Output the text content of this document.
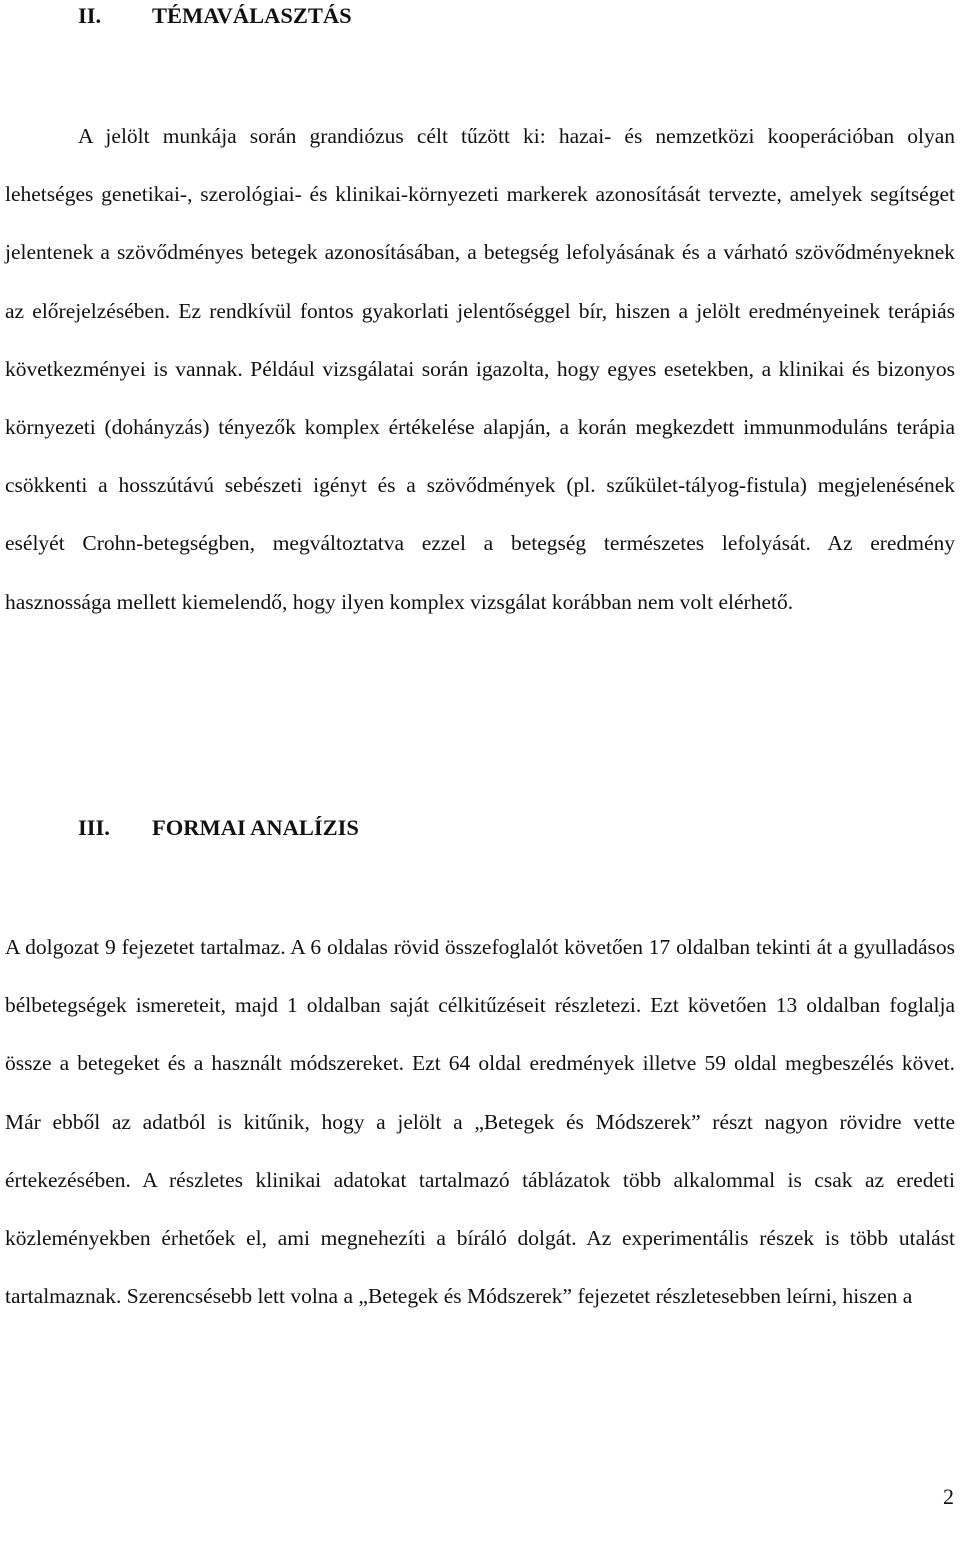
II. TÉMAVÁLASZTÁS

A jelölt munkája során grandiózus célt tűzött ki: hazai- és nemzetközi kooperációban olyan lehetséges genetikai-, szerológiai- és klinikai-környezeti markerek azonosítását tervezte, amelyek segítséget jelentenek a szövődményes betegek azonosításában, a betegség lefolyásának és a várható szövődményeknek az előrejelzésében. Ez rendkívül fontos gyakorlati jelentőséggel bír, hiszen a jelölt eredményeinek terápiás következményei is vannak. Például vizsgálatai során igazolta, hogy egyes esetekben, a klinikai és bizonyos környezeti (dohányzás) tényezők komplex értékelése alapján, a korán megkezdett immunmoduláns terápia csökkenti a hosszútávú sebészeti igényt és a szövődmények (pl. szűkület-tályog-fistula) megjelenésének esélyét Crohn-betegségben, megváltoztatva ezzel a betegség természetes lefolyását. Az eredmény hasznossága mellett kiemelendő, hogy ilyen komplex vizsgálat korábban nem volt elérhető.

III. FORMAI ANALÍZIS

A dolgozat 9 fejezetet tartalmaz. A 6 oldalas rövid összefoglalót követően 17 oldalban tekinti át a gyulladásos bélbetegségek ismereteit, majd 1 oldalban saját célkitűzéseit részletezi. Ezt követően 13 oldalban foglalja össze a betegeket és a használt módszereket. Ezt 64 oldal eredmények illetve 59 oldal megbeszélés követ. Már ebből az adatból is kitűnik, hogy a jelölt a „Betegek és Módszerek” részt nagyon rövidre vette értekezésében. A részletes klinikai adatokat tartalmazó táblázatok több alkalommal is csak az eredeti közleményekben érhetőek el, ami megnehezíti a bíráló dolgát. Az experimentális részek is több utalást tartalmaznak. Szerencsésebb lett volna a „Betegek és Módszerek” fejezetet részletesebben leírni, hiszen a

2
